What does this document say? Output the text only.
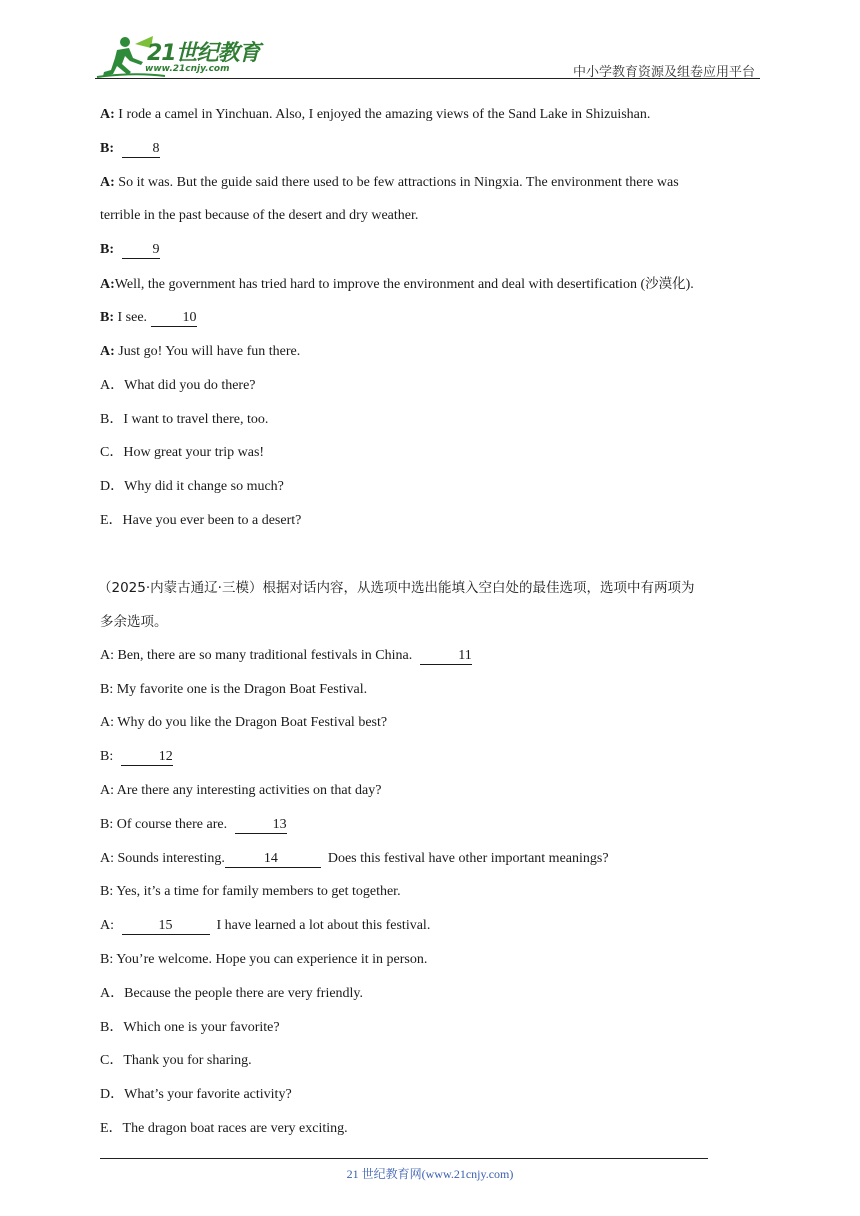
21世纪教育
www.21cnjy.com	中小学教育资源及组卷应用平台
A: I rode a camel in Yinchuan. Also, I enjoyed the amazing views of the Sand Lake in Shizuishan.
B:	8
A: So it was. But the guide said there used to be few attractions in Ningxia. The environment there was
terrible in the past because of the desert and dry weather.
B:	9
A:Well, the government has tried hard to improve the environment and deal with desertification (沙漠化).
B: I see. 10
A: Just go! You will have fun there.
A．What did you do there?
B．I want to travel there, too.
C．How great your trip was!
D．Why did it change so much?
E．Have you ever been to a desert?
（2025·内蒙古通辽·三模）根据对话内容，从选项中选出能填入空白处的最佳选项，选项中有两项为
多余选项。
A: Ben, there are so many traditional festivals in China.	11
B: My favorite one is the Dragon Boat Festival.
A: Why do you like the Dragon Boat Festival best?
B:	12
A: Are there any interesting activities on that day?
B: Of course there are.	13
A: Sounds interesting.	14	Does this festival have other important meanings?
B: Yes, it’s a time for family members to get together.
A:	15	I have learned a lot about this festival.
B: You’re welcome. Hope you can experience it in person.
A．Because the people there are very friendly.
B．Which one is your favorite?
C．Thank you for sharing.
D．What’s your favorite activity?
E．The dragon boat races are very exciting.
21 世纪教育网(www.21cnjy.com)
